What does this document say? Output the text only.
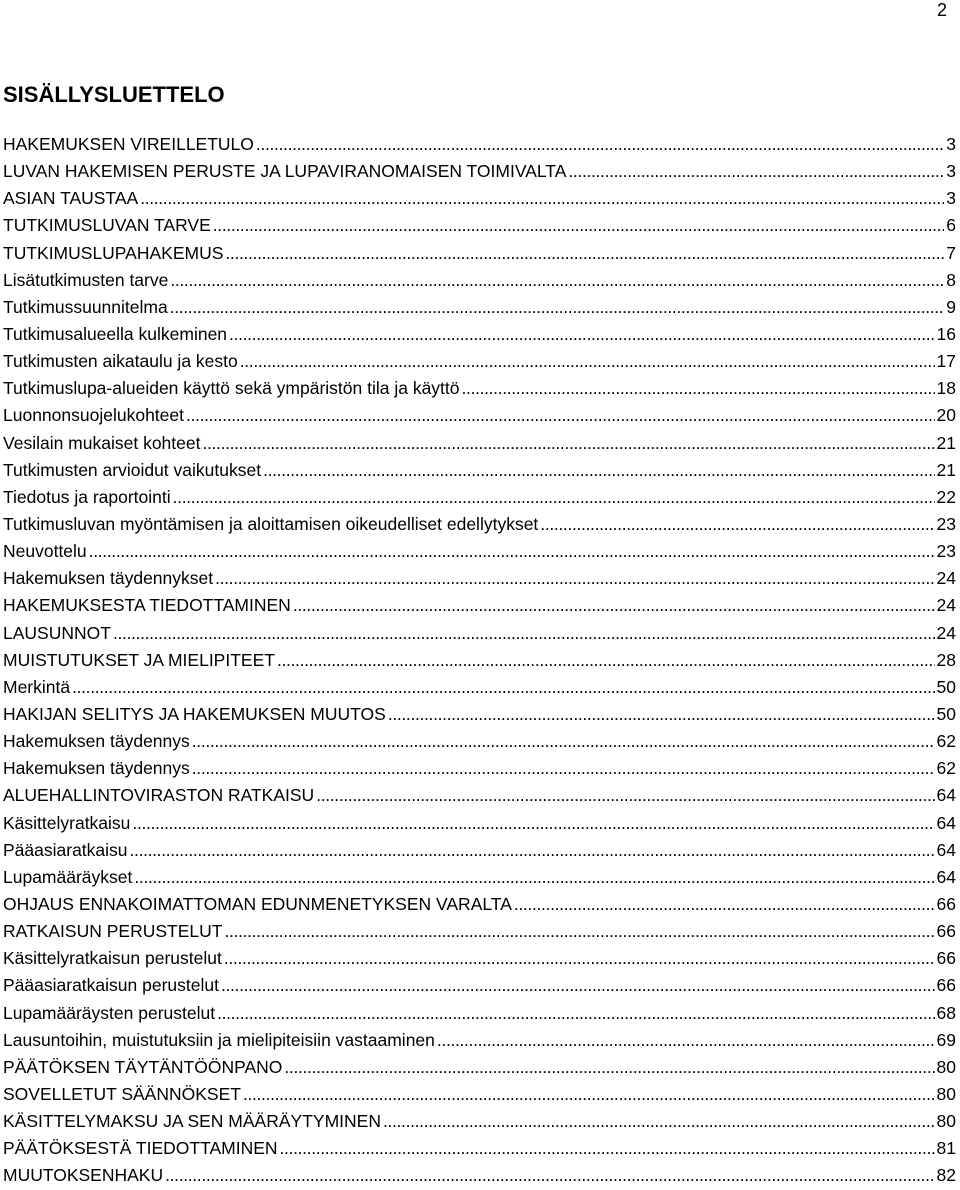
2
SISÄLLYSLUETTELO
HAKEMUKSEN VIREILLETULO . . .	3
LUVAN HAKEMISEN PERUSTE JA LUPAVIRANOMAISEN TOIMIVALTA . . .	3
ASIAN TAUSTAA . . .	3
TUTKIMUSLUVAN TARVE . . .	6
TUTKIMUSLUPAHAKEMUS . . .	7
Lisätutkimusten tarve . . .	8
Tutkimussuunnitelma . . .	9
Tutkimusalueella kulkeminen . . .	16
Tutkimusten aikataulu ja kesto . . .	17
Tutkimuslupa-alueiden käyttö sekä ympäristön tila ja käyttö . . .	18
Luonnonsuojelukohteet . . .	20
Vesilain mukaiset kohteet . . .	21
Tutkimusten arvioidut vaikutukset . . .	21
Tiedotus ja raportointi . . .	22
Tutkimusluvan myöntämisen ja aloittamisen oikeudelliset edellytykset . . .	23
Neuvottelu . . .	23
Hakemuksen täydennykset . . .	24
HAKEMUKSESTA TIEDOTTAMINEN . . .	24
LAUSUNNOT . . .	24
MUISTUTUKSET JA MIELIPITEET . . .	28
Merkintä . . .	50
HAKIJAN SELITYS JA HAKEMUKSEN MUUTOS . . .	50
Hakemuksen täydennys . . .	62
Hakemuksen täydennys . . .	62
ALUEHALLINTOVIRASTON RATKAISU . . .	64
Käsittelyratkaisu . . .	64
Pääasiaratkaisu . . .	64
Lupamääräykset . . .	64
OHJAUS ENNAKOIMATTOMAN EDUNMENETYKSEN VARALTA . . .	66
RATKAISUN PERUSTELUT . . .	66
Käsittelyratkaisun perustelut . . .	66
Pääasiaratkaisun perustelut . . .	66
Lupamääräysten perustelut . . .	68
Lausuntoihin, muistutuksiin ja mielipiteisiin vastaaminen . . .	69
PÄÄTÖKSEN TÄYTÄNTÖÖNPANO . . .	80
SOVELLETUT SÄÄNNÖKSET . . .	80
KÄSITTELYMAKSU JA SEN MÄÄRÄYTYMINEN . . .	80
PÄÄTÖKSESTÄ TIEDOTTAMINEN . . .	81
MUUTOKSENHAKU . . .	82
